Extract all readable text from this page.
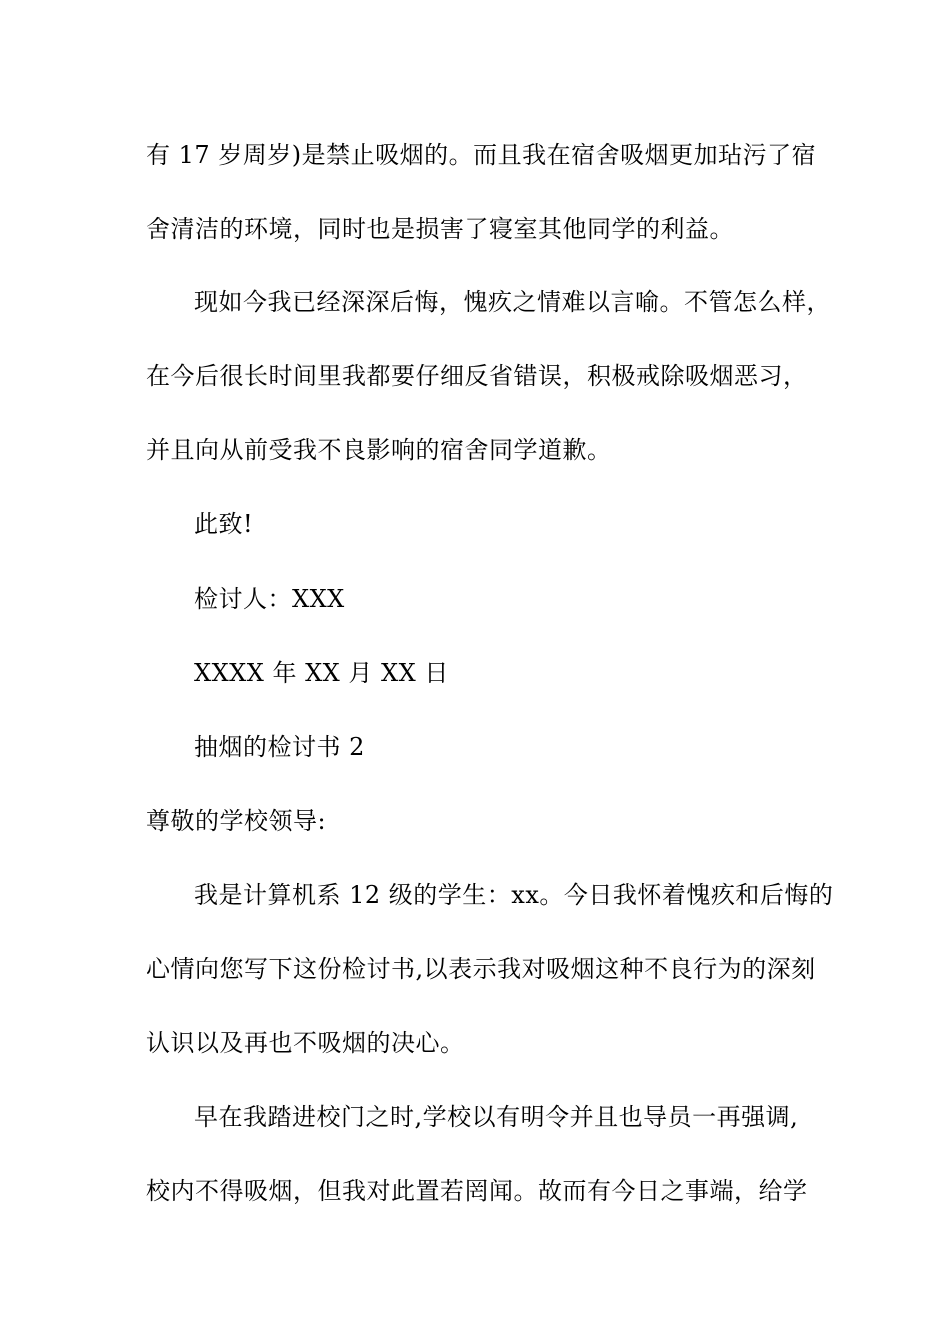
有 17 岁周岁)是禁止吸烟的。而且我在宿舍吸烟更加玷污了宿
舍清洁的环境，同时也是损害了寝室其他同学的利益。
现如今我已经深深后悔，愧疚之情难以言喻。不管怎么样，
在今后很长时间里我都要仔细反省错误，积极戒除吸烟恶习，
并且向从前受我不良影响的宿舍同学道歉。
此致!
检讨人：XXX
XXXX 年 XX 月 XX 日
抽烟的检讨书 2
尊敬的学校领导:
我是计算机系 12 级的学生：xx。今日我怀着愧疚和后悔的
心情向您写下这份检讨书,以表示我对吸烟这种不良行为的深刻
认识以及再也不吸烟的决心。
早在我踏进校门之时,学校以有明令并且也导员一再强调,
校内不得吸烟，但我对此置若罔闻。故而有今日之事端，给学
